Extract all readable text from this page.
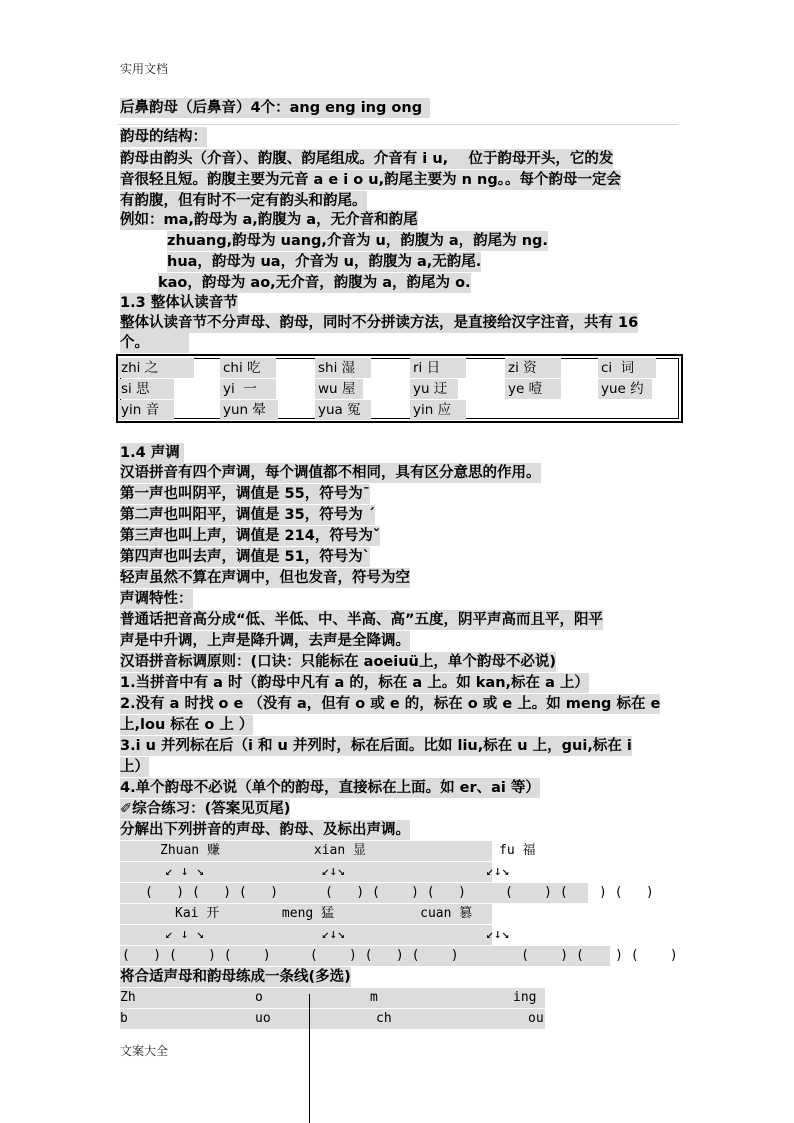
实用文档
后鼻韵母（后鼻音）4个：ang eng ing ong
韵母的结构：
韵母由韵头（介音）、韵腹、韵尾组成。介音有 i u,    位于韵母开头，它的发
音很轻且短。韵腹主要为元音 a e i o u,韵尾主要为 n ng。。每个韵母一定会
有韵腹，但有时不一定有韵头和韵尾。
例如：ma,韵母为 a,韵腹为 a，无介音和韵尾
zhuang,韵母为 uang,介音为 u，韵腹为 a，韵尾为 ng.
hua，韵母为 ua，介音为 u，韵腹为 a,无韵尾.
kao，韵母为 ao,无介音，韵腹为 a，韵尾为 o.
1.3 整体认读音节
整体认读音节不分声母、韵母，同时不分拼读方法，是直接给汉字注音，共有 16
个。
zhi 之	chi 吃	shi 湿	ri 日	zi 资	ci  词
si 思	yi  一	wu 屋	yu 迂	ye 噎	yue 约
yin 音	yun 晕	yua 冤	yin 应
1.4 声调
汉语拼音有四个声调，每个调值都不相同，具有区分意思的作用。
第一声也叫阴平，调值是 55，符号为ˉ
第二声也叫阳平，调值是 35，符号为 ˊ
第三声也叫上声，调值是 214，符号为ˇ
第四声也叫去声，调值是 51，符号为ˋ
轻声虽然不算在声调中，但也发音，符号为空
声调特性：
普通话把音高分成“低、半低、中、半高、高”五度，阴平声高而且平，阳平
声是中升调，上声是降升调，去声是全降调。
汉语拼音标调原则：(口诀：只能标在 aoeiuü上，单个韵母不必说)
1.当拼音中有 a 时（韵母中凡有 a 的，标在 a 上。如 kan,标在 a 上）
2.没有 a 时找 o e （没有 a，但有 o 或 e 的，标在 o 或 e 上。如 meng 标在 e
上,lou 标在 o 上 ）
3.i u 并列标在后（i 和 u 并列时，标在后面。比如 liu,标在 u 上，gui,标在 i
上）
4.单个韵母不必说（单个的韵母，直接标在上面。如 er、ai 等）
✐综合练习：(答案见页尾)
分解出下列拼音的声母、韵母、及标出声调。
Zhuan 赚            xian 显                 fu 福
↙ ↓ ↘               ↙↓↘                  ↙↓↘
(   ) (   ) (   )      (   ) (    ) (   )     (    ) (    ) (   )
Kai 开        meng 猛           cuan 篡
↙ ↓ ↘               ↙↓↘                  ↙↓↘
(   ) (    ) (    )     (    ) (   ) (    )        (    ) (    ) (    )
将合适声母和韵母练成一条线(多选)
Zh	o	m	ing
b	uo	ch	ou
文案大全
